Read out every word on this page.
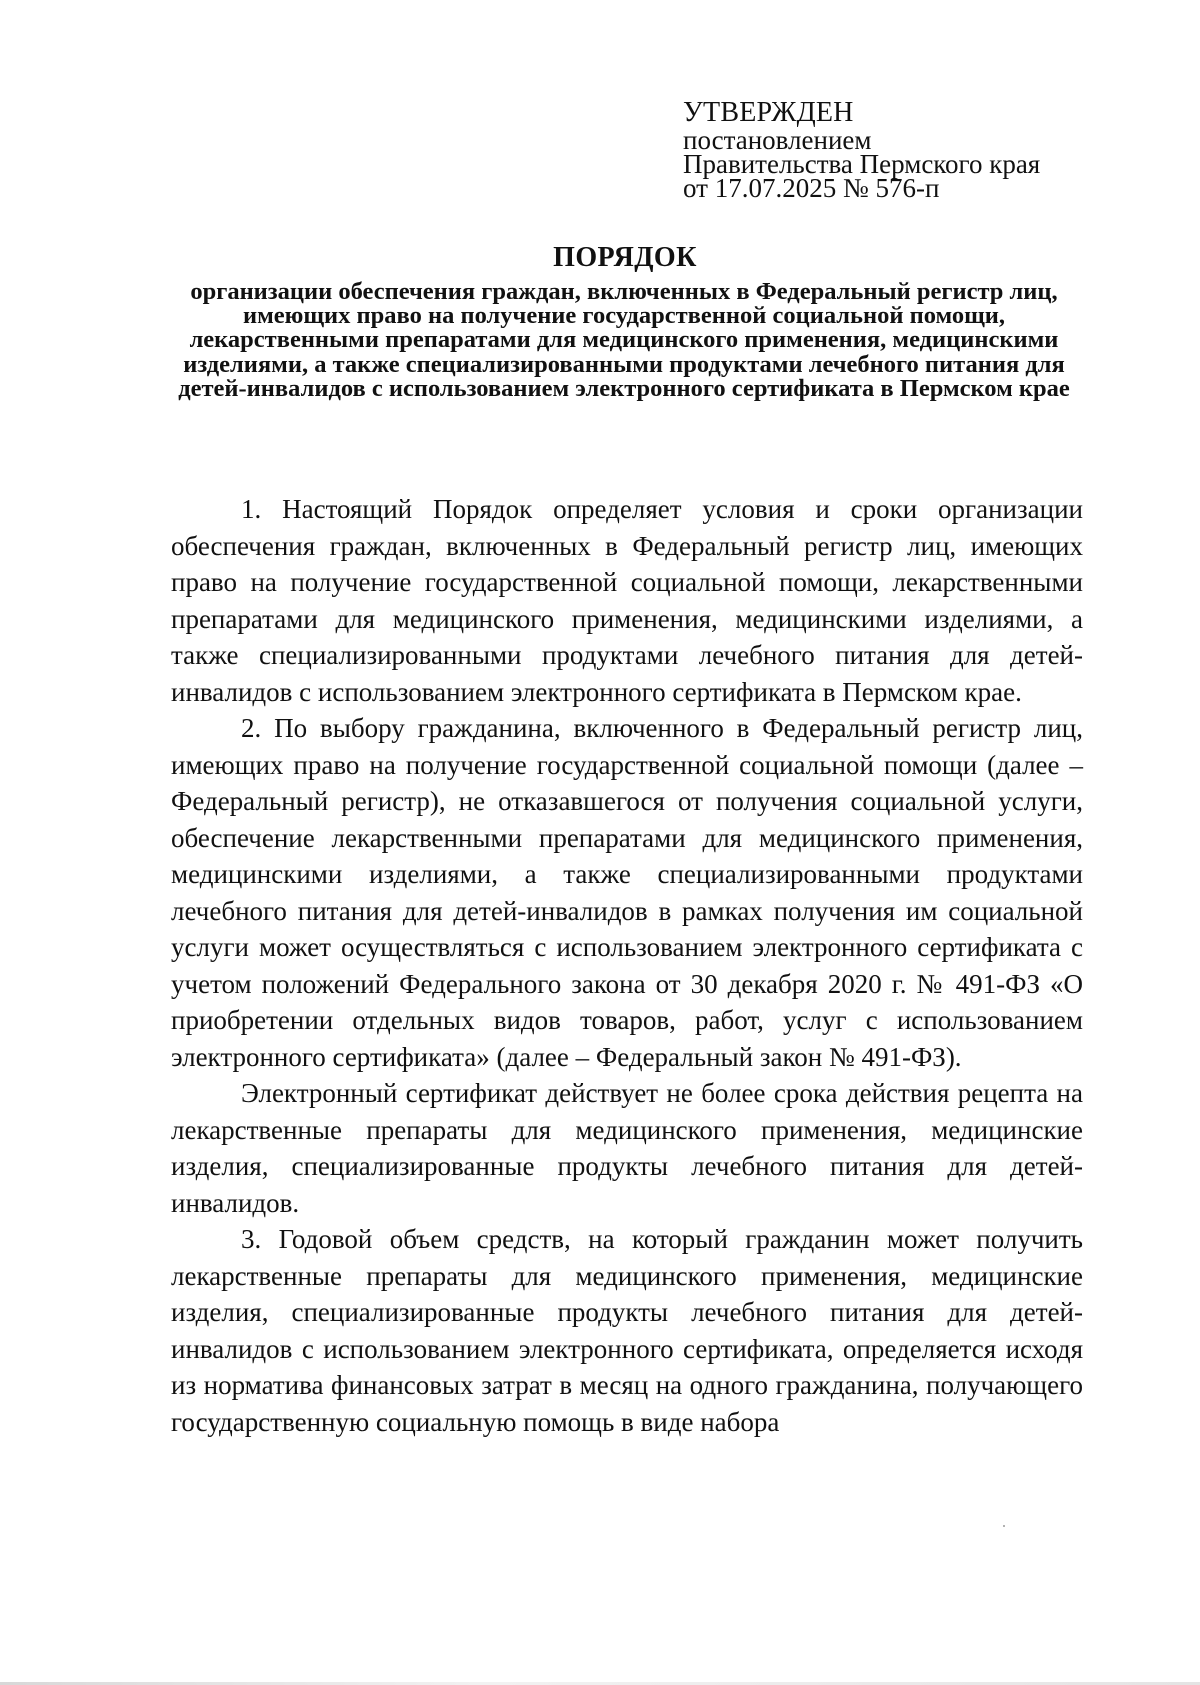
УТВЕРЖДЕН
постановлением
Правительства Пермского края
от 17.07.2025 № 576-п
ПОРЯДОК
организации обеспечения граждан, включенных в Федеральный регистр лиц, имеющих право на получение государственной социальной помощи, лекарственными препаратами для медицинского применения, медицинскими изделиями, а также специализированными продуктами лечебного питания для детей-инвалидов с использованием электронного сертификата в Пермском крае

1. Настоящий Порядок определяет условия и сроки организации обеспечения граждан, включенных в Федеральный регистр лиц, имеющих право на получение государственной социальной помощи, лекарственными препаратами для медицинского применения, медицинскими изделиями, а также специализированными продуктами лечебного питания для детей-инвалидов с использованием электронного сертификата в Пермском крае.

2. По выбору гражданина, включенного в Федеральный регистр лиц, имеющих право на получение государственной социальной помощи (далее – Федеральный регистр), не отказавшегося от получения социальной услуги, обеспечение лекарственными препаратами для медицинского применения, медицинскими изделиями, а также специализированными продуктами лечебного питания для детей-инвалидов в рамках получения им социальной услуги может осуществляться с использованием электронного сертификата с учетом положений Федерального закона от 30 декабря 2020 г. № 491-ФЗ «О приобретении отдельных видов товаров, работ, услуг с использованием электронного сертификата» (далее – Федеральный закон № 491-ФЗ).

Электронный сертификат действует не более срока действия рецепта на лекарственные препараты для медицинского применения, медицинские изделия, специализированные продукты лечебного питания для детей-инвалидов.

3. Годовой объем средств, на который гражданин может получить лекарственные препараты для медицинского применения, медицинские изделия, специализированные продукты лечебного питания для детей-инвалидов с использованием электронного сертификата, определяется исходя из норматива финансовых затрат в месяц на одного гражданина, получающего государственную социальную помощь в виде набора
